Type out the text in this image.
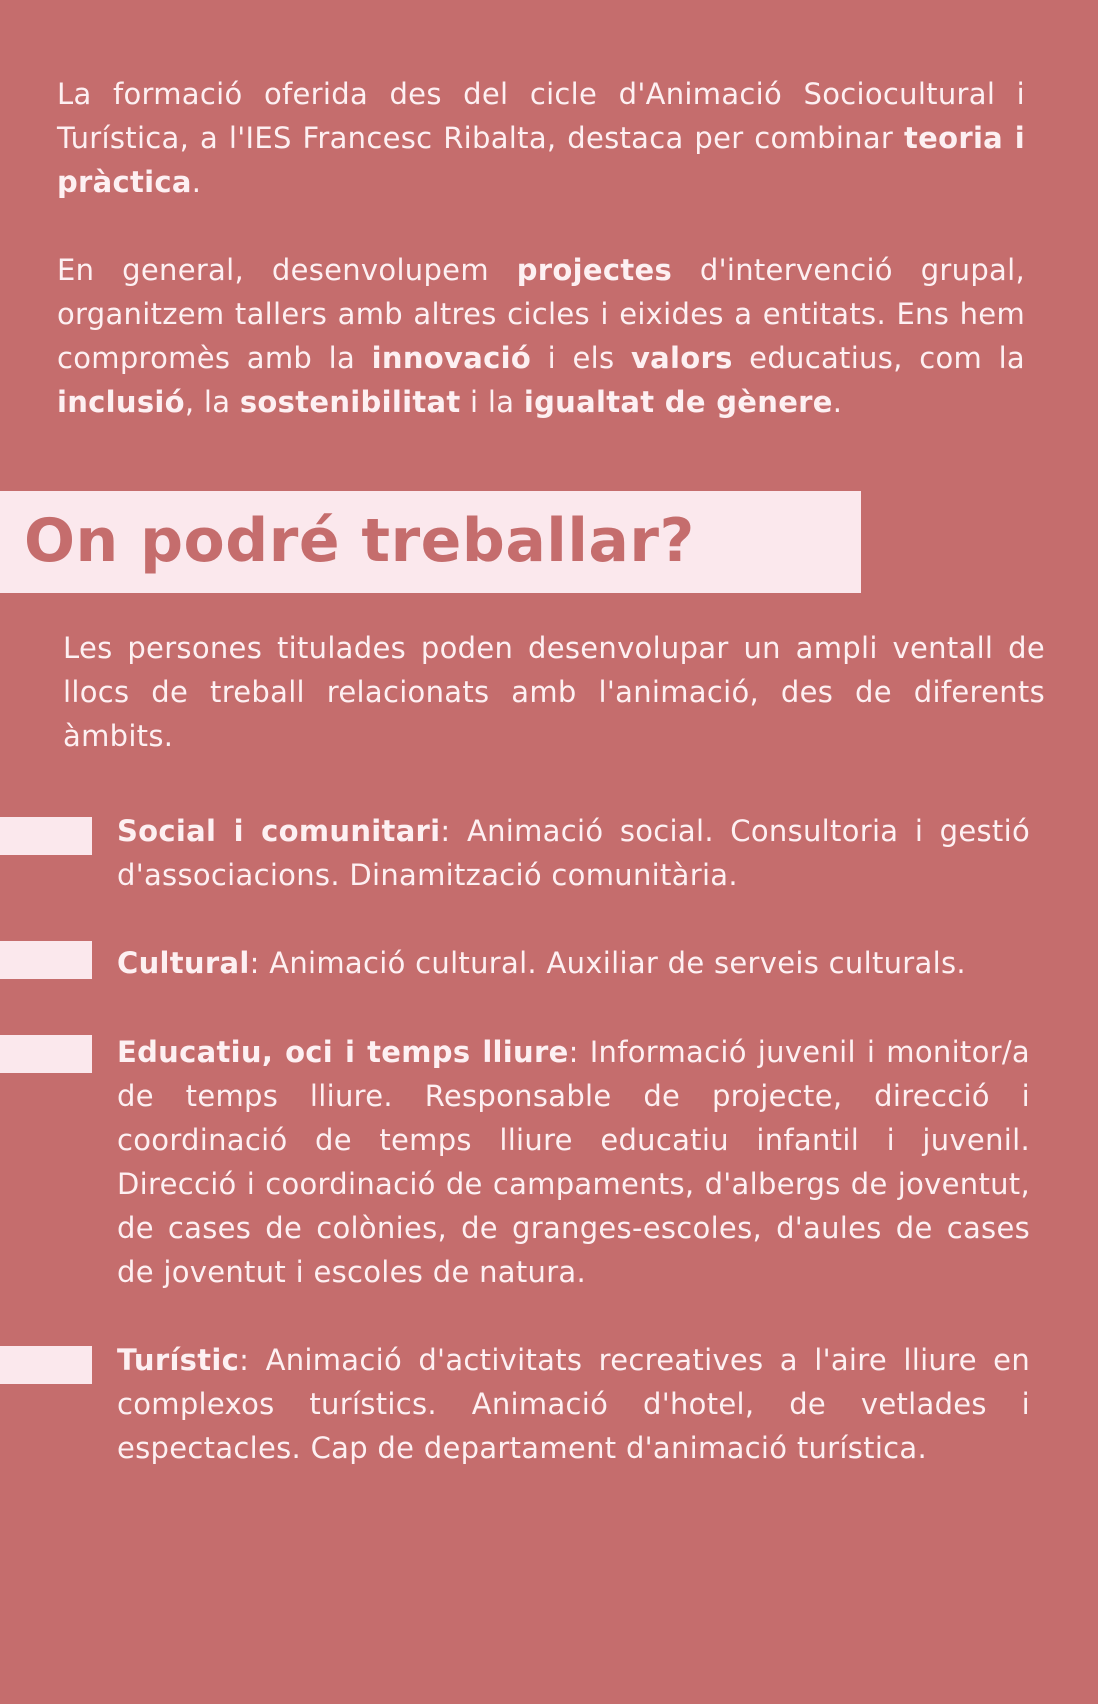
La formació oferida des del cicle d'Animació Sociocultural i Turística, a l'IES Francesc Ribalta, destaca per combinar teoria i pràctica.

En general, desenvolupem projectes d'intervenció grupal, organitzem tallers amb altres cicles i eixides a entitats. Ens hem compromès amb la innovació i els valors educatius, com la inclusió, la sostenibilitat i la igualtat de gènere.

On podré treballar?

Les persones titulades poden desenvolupar un ampli ventall de llocs de treball relacionats amb l'animació, des de diferents àmbits.

Social i comunitari: Animació social. Consultoria i gestió d'associacions. Dinamització comunitària.

Cultural: Animació cultural. Auxiliar de serveis culturals.

Educatiu, oci i temps lliure: Informació juvenil i monitor/a de temps lliure. Responsable de projecte, direcció i coordinació de temps lliure educatiu infantil i juvenil. Direcció i coordinació de campaments, d'albergs de joventut, de cases de colònies, de granges-escoles, d'aules de cases de joventut i escoles de natura.

Turístic: Animació d'activitats recreatives a l'aire lliure en complexos turístics. Animació d'hotel, de vetlades i espectacles. Cap de departament d'animació turística.
